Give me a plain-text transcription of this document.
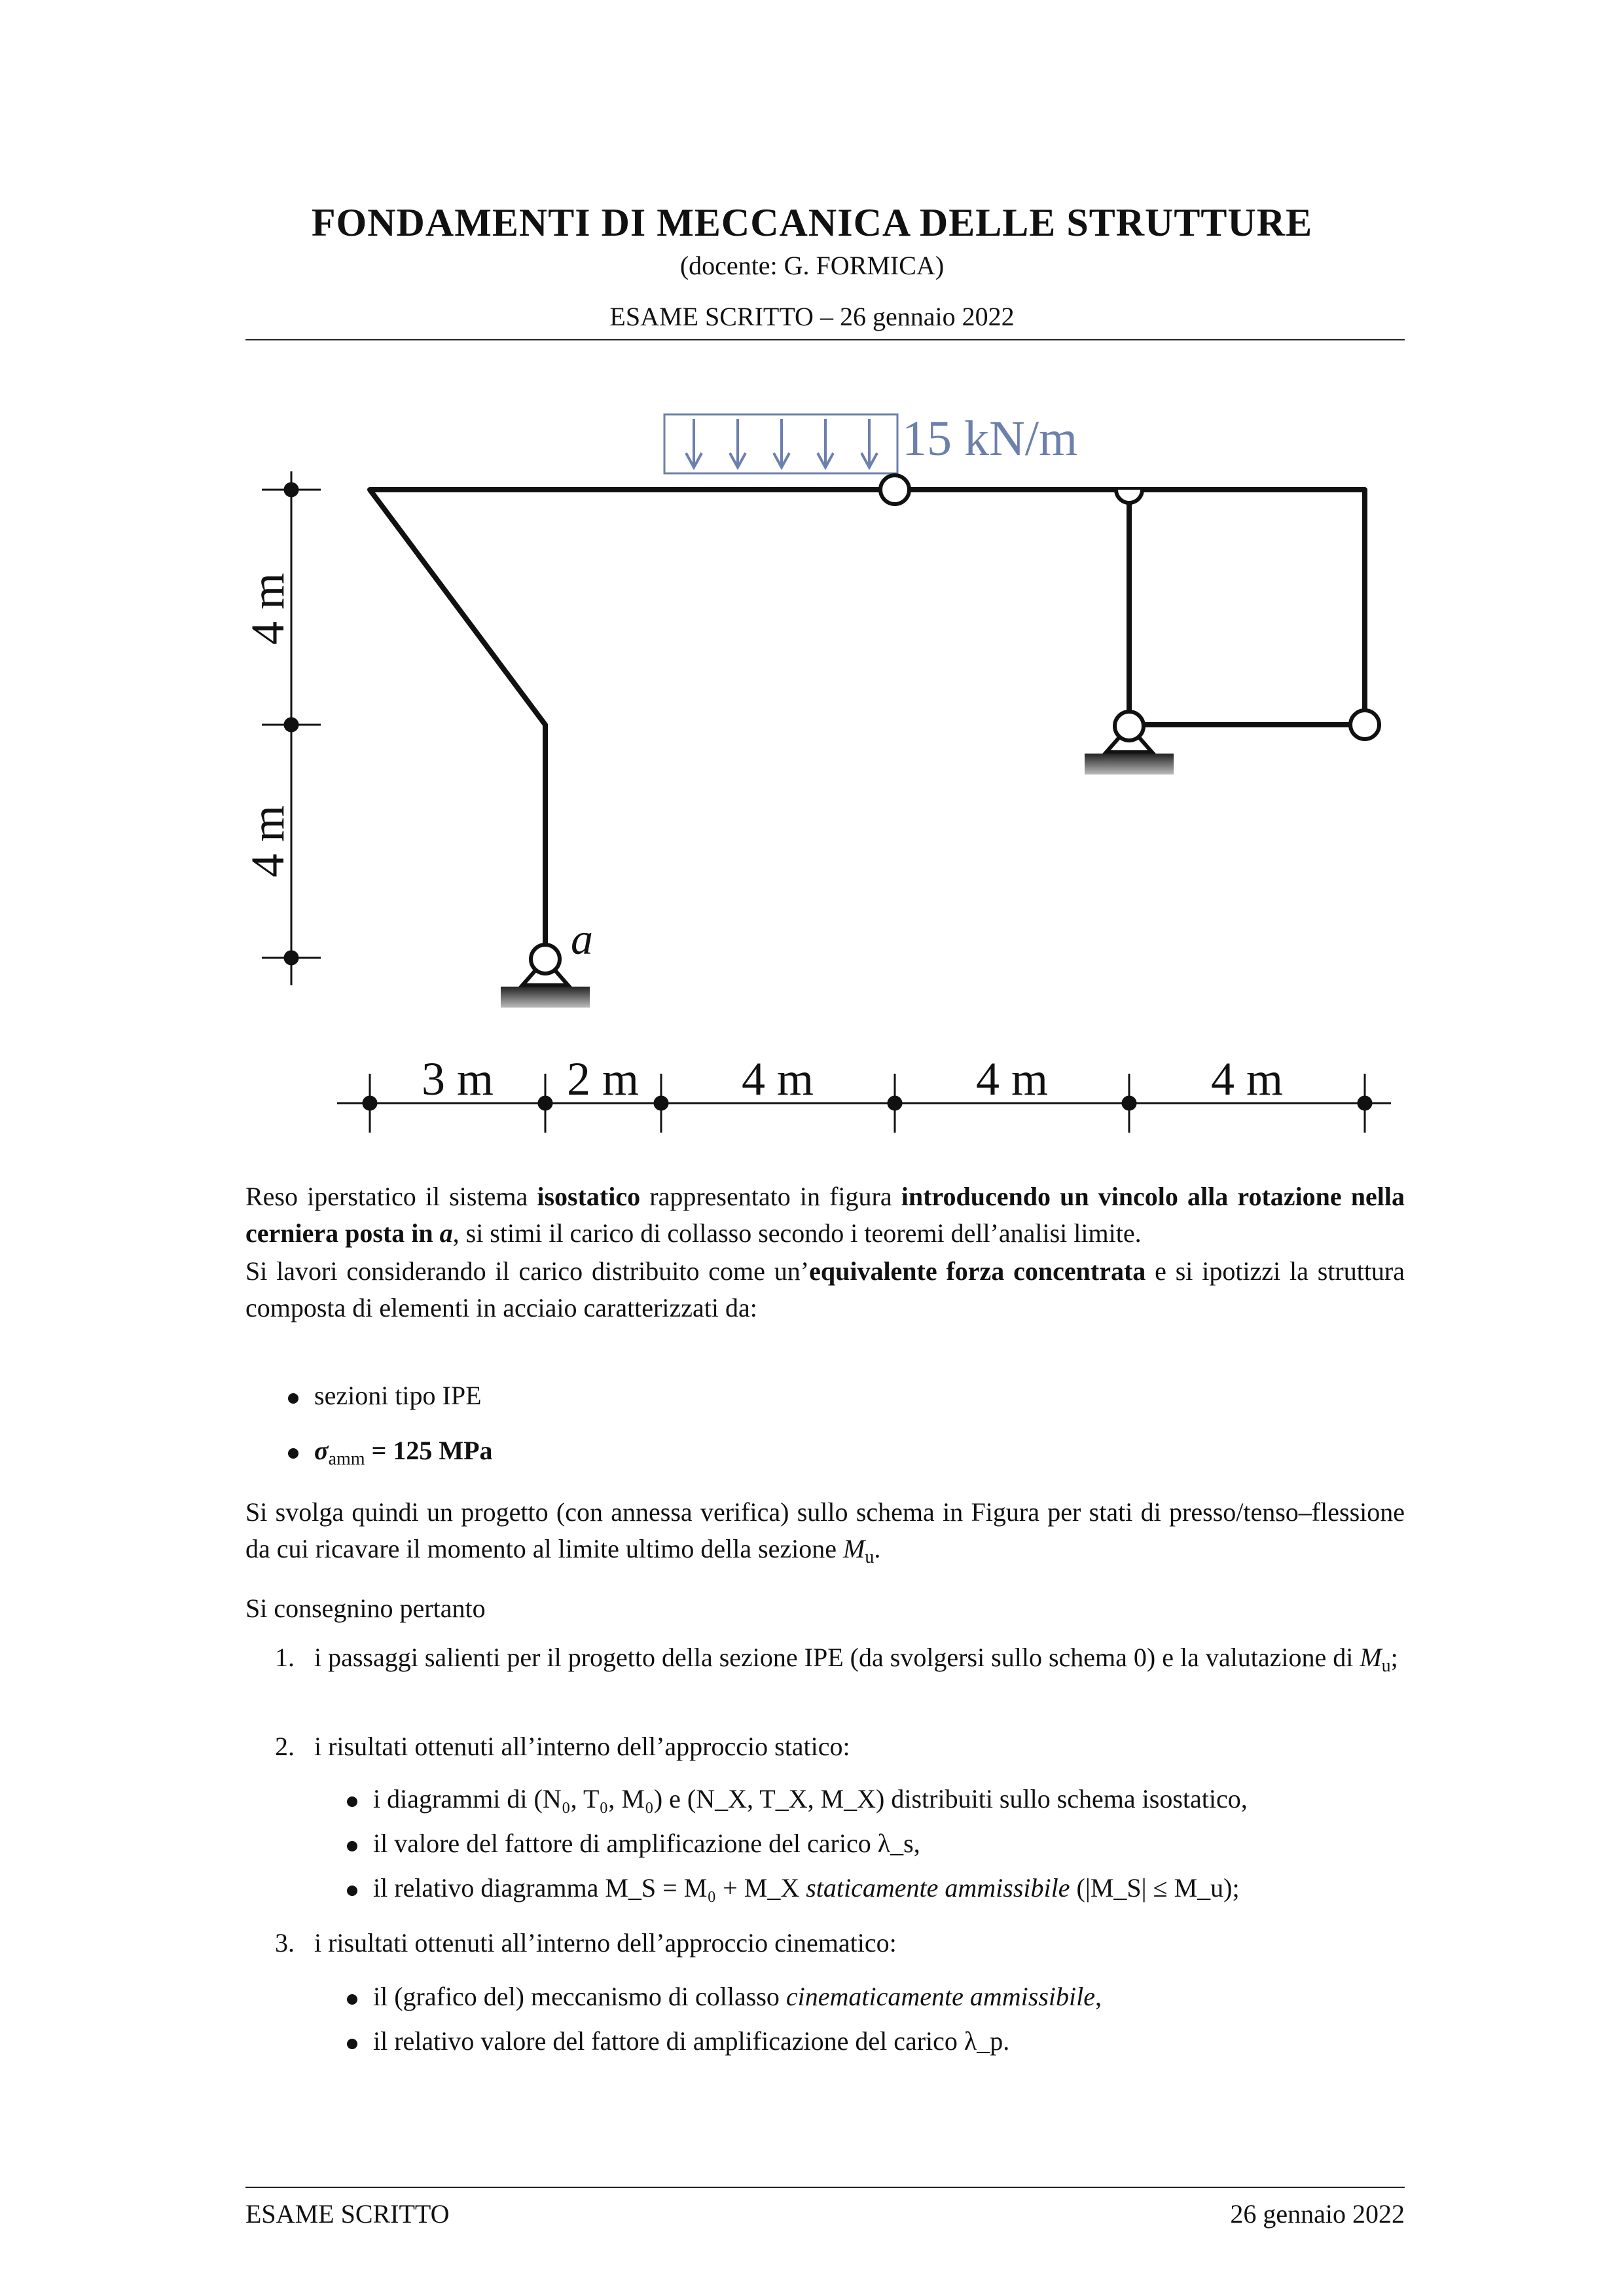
FONDAMENTI DI MECCANICA DELLE STRUTTURE
(docente: G. FORMICA)
ESAME SCRITTO – 26 gennaio 2022
15 kN/m
a
4 m
4 m
3 m 2 m 4 m	4 m	4 m

Reso iperstatico il sistema isostatico rappresentato in figura introducendo un vincolo alla rotazione nella cerniera posta in a, si stimi il carico di collasso secondo i teoremi dell’analisi limite.

Si lavori considerando il carico distribuito come un’equivalente forza concentrata e si ipotizzi la struttura composta di elementi in acciaio caratterizzati da:

sezioni tipo IPE
$\sigma_{amm} = 125$ MPa

Si svolga quindi un progetto (con annessa verifica) sullo schema in Figura per stati di presso/tenso–flessione da cui ricavare il momento al limite ultimo della sezione $M_u$.

Si consegnino pertanto

1. i passaggi salienti per il progetto della sezione IPE (da svolgersi sullo schema 0) e la valutazione di $M_u$;
2. i risultati ottenuti all’interno dell’approccio statico:
i diagrammi di (N₀, T₀, M₀) e (N_X, T_X, M_X) distribuiti sullo schema isostatico,
il valore del fattore di amplificazione del carico λ_s,
il relativo diagramma M_S = M₀ + M_X staticamente ammissibile (|M_S| ≤ M_u);
3. i risultati ottenuti all’interno dell’approccio cinematico:
il (grafico del) meccanismo di collasso cinematicamente ammissibile,
il relativo valore del fattore di amplificazione del carico λ_p.
ESAME SCRITTO	26 gennaio 2022
